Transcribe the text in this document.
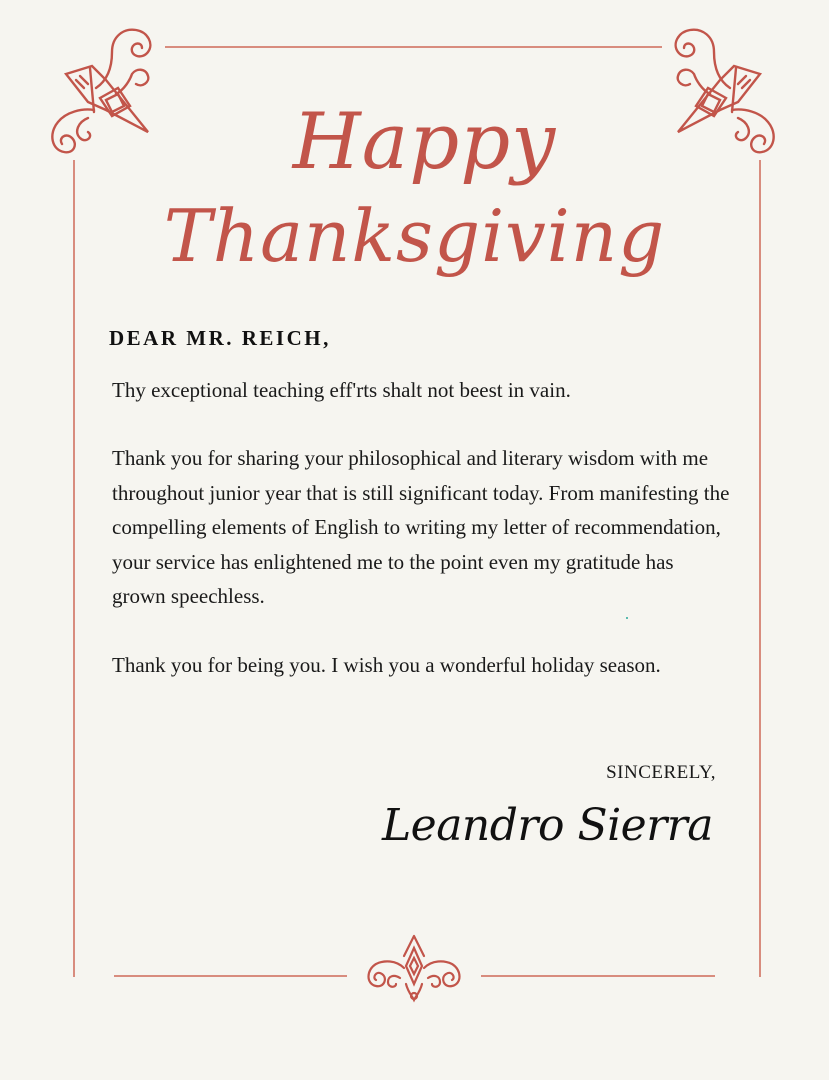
Happy
Thanksgiving
DEAR MR. REICH,
Thy exceptional teaching eff'rts shalt not beest in vain.
Thank you for sharing your philosophical and literary wisdom with me throughout junior year that is still significant today. From manifesting the compelling elements of English to writing my letter of recommendation, your service has enlightened me to the point even my gratitude has grown speechless.
Thank you for being you. I wish you a wonderful holiday season.
SINCERELY,
Leandro Sierra
